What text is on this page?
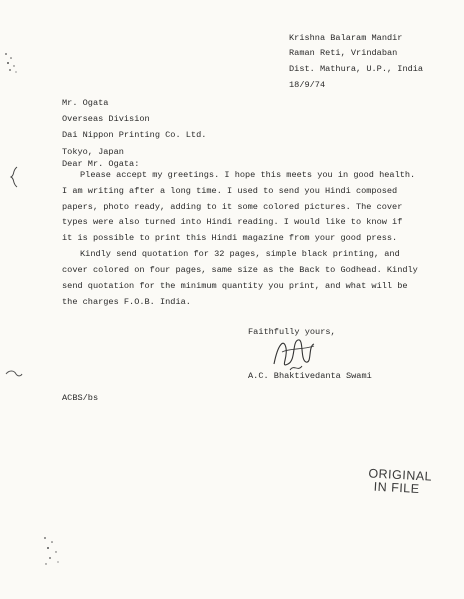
Krishna Balaram Mandir
Raman Reti, Vrindaban
Dist. Mathura, U.P., India
18/9/74
Mr. Ogata
Overseas Division
Dai Nippon Printing Co. Ltd.
Tokyo, Japan
Dear Mr. Ogata:
Please accept my greetings. I hope this meets you in good health.
I am writing after a long time. I used to send you Hindi composed
papers, photo ready, adding to it some colored pictures. The cover
types were also turned into Hindi reading. I would like to know if
it is possible to print this Hindi magazine from your good press.
Kindly send quotation for 32 pages, simple black printing, and
cover colored on four pages, same size as the Back to Godhead. Kindly
send quotation for the minimum quantity you print, and what will be
the charges F.O.B. India.
Faithfully yours,
A.C. Bhaktivedanta Swami
ACBS/bs
ORIGINAL
IN FILE
